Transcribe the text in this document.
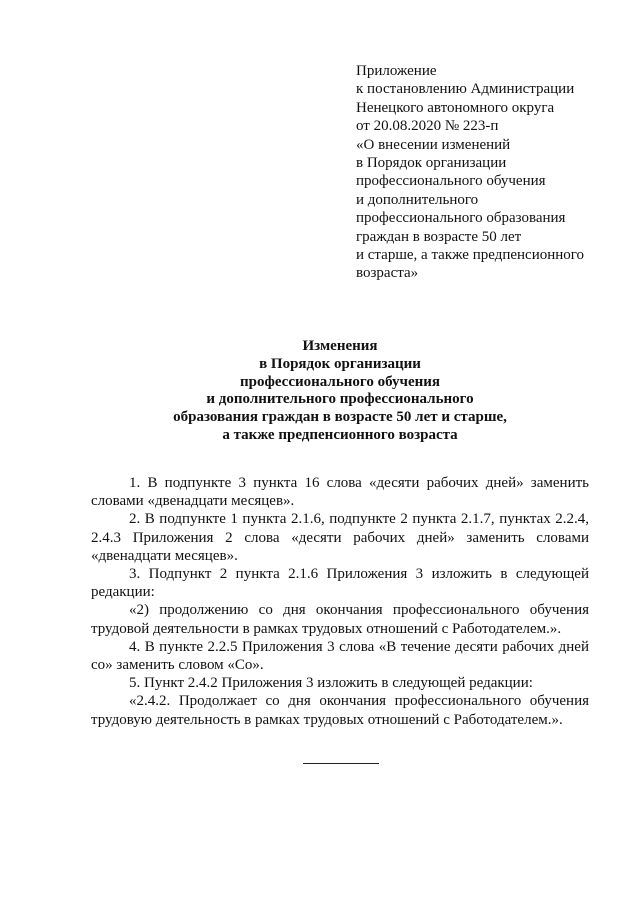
Приложение
к постановлению Администрации
Ненецкого автономного округа
от 20.08.2020 № 223-п
«О внесении изменений
в Порядок организации
профессионального обучения
и дополнительного
профессионального образования
граждан в возрасте 50 лет
и старше, а также предпенсионного
возраста»
Изменения
в Порядок организации
профессионального обучения
и дополнительного профессионального
образования граждан в возрасте 50 лет и старше,
а также предпенсионного возраста

1. В подпункте 3 пункта 16 слова «десяти рабочих дней» заменить словами «двенадцати месяцев».

2. В подпункте 1 пункта 2.1.6, подпункте 2 пункта 2.1.7, пунктах 2.2.4, 2.4.3 Приложения 2 слова «десяти рабочих дней» заменить словами «двенадцати месяцев».

3. Подпункт 2 пункта 2.1.6 Приложения 3 изложить в следующей редакции:

«2) продолжению со дня окончания профессионального обучения трудовой деятельности в рамках трудовых отношений с Работодателем.».

4. В пункте 2.2.5 Приложения 3 слова «В течение десяти рабочих дней со» заменить словом «Со».

5. Пункт 2.4.2 Приложения 3 изложить в следующей редакции:

«2.4.2. Продолжает со дня окончания профессионального обучения трудовую деятельность в рамках трудовых отношений с Работодателем.».
